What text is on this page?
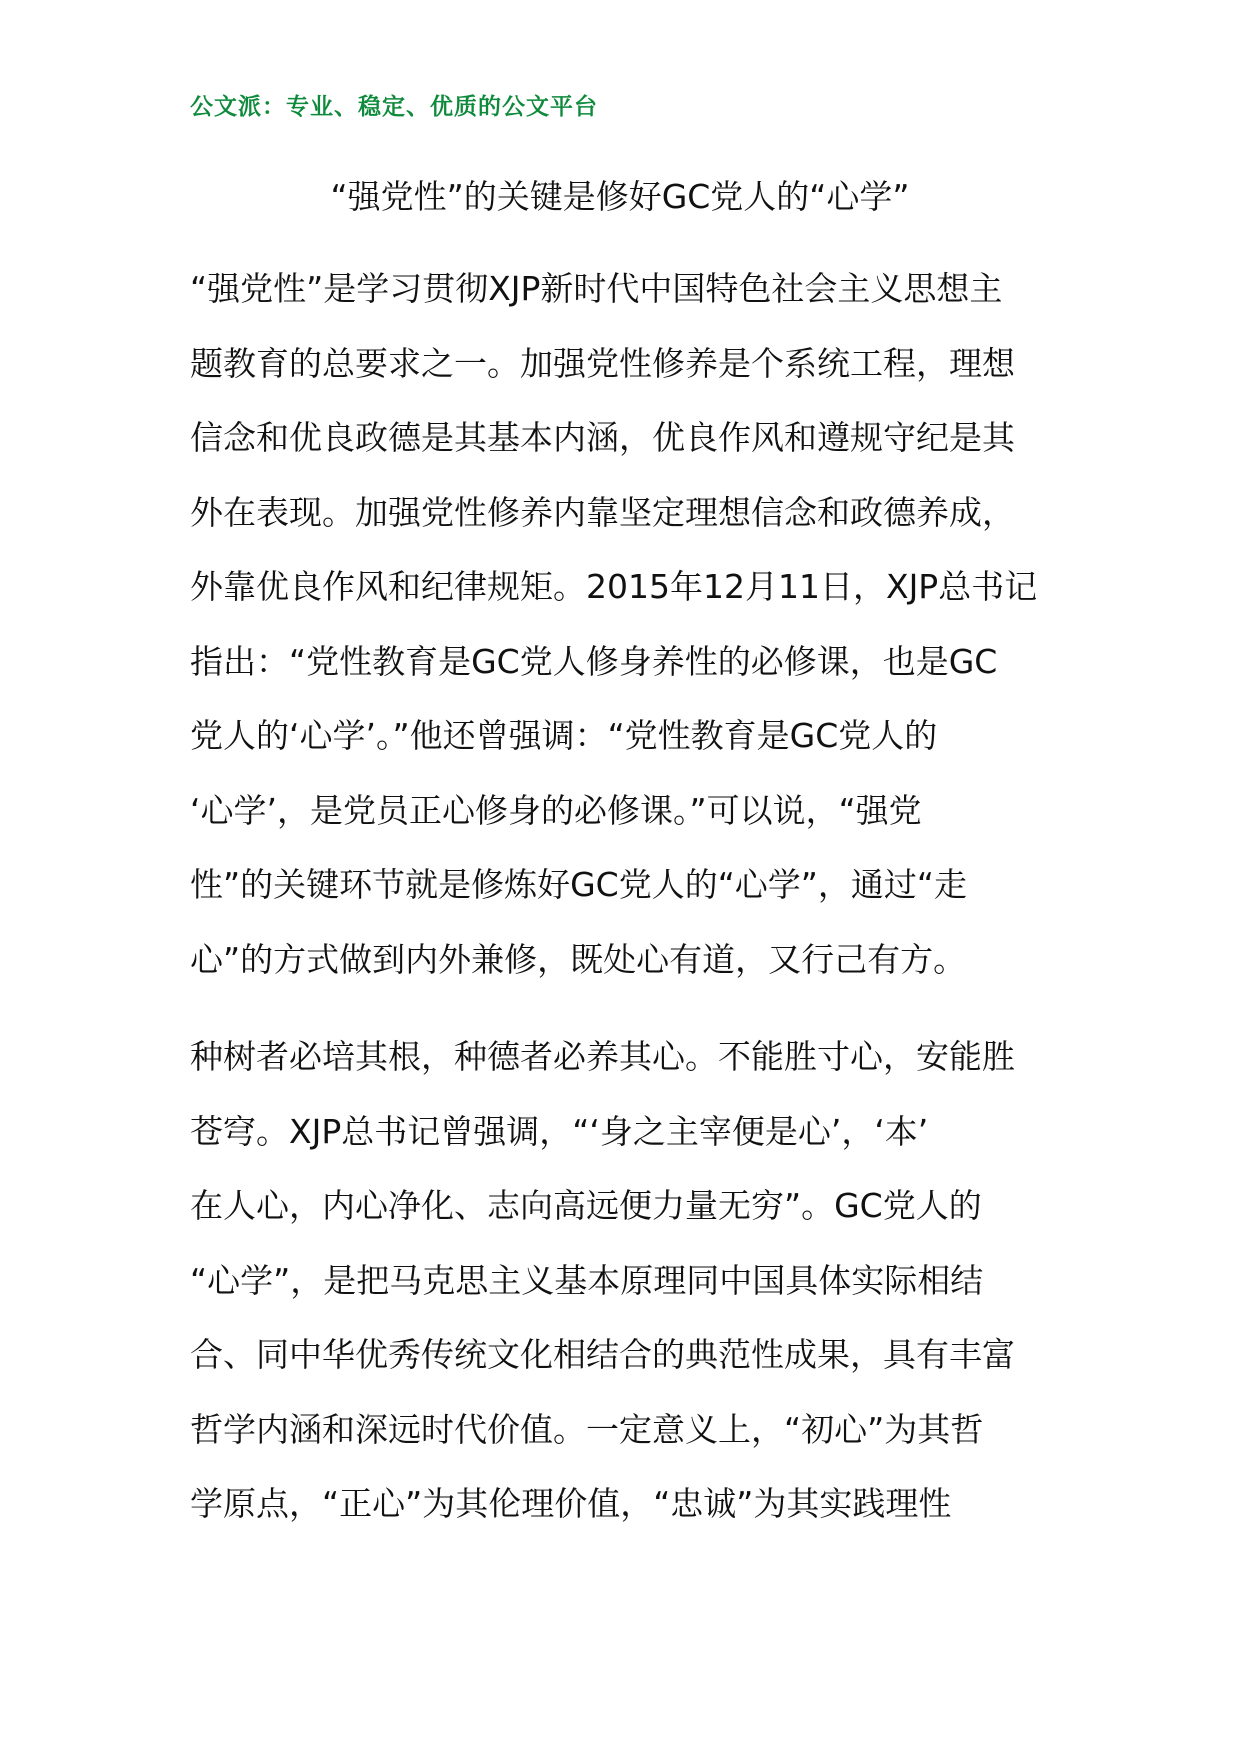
公文派：专业、稳定、优质的公文平台
“强党性”的关键是修好GC党人的“心学”
“强党性”是学习贯彻XJP新时代中国特色社会主义思想主
题教育的总要求之一。加强党性修养是个系统工程，理想
信念和优良政德是其基本内涵，优良作风和遵规守纪是其
外在表现。加强党性修养内靠坚定理想信念和政德养成，
外靠优良作风和纪律规矩。2015年12月11日，XJP总书记
指出：“党性教育是GC党人修身养性的必修课，也是GC
党人的‘心学’。”他还曾强调：“党性教育是GC党人的
‘心学’，是党员正心修身的必修课。”可以说，“强党
性”的关键环节就是修炼好GC党人的“心学”，通过“走
心”的方式做到内外兼修，既处心有道，又行己有方。
种树者必培其根，种德者必养其心。不能胜寸心，安能胜
苍穹。XJP总书记曾强调，“‘身之主宰便是心’，‘本’
在人心，内心净化、志向高远便力量无穷”。GC党人的
“心学”，是把马克思主义基本原理同中国具体实际相结
合、同中华优秀传统文化相结合的典范性成果，具有丰富
哲学内涵和深远时代价值。一定意义上，“初心”为其哲
学原点，“正心”为其伦理价值，“忠诚”为其实践理性
